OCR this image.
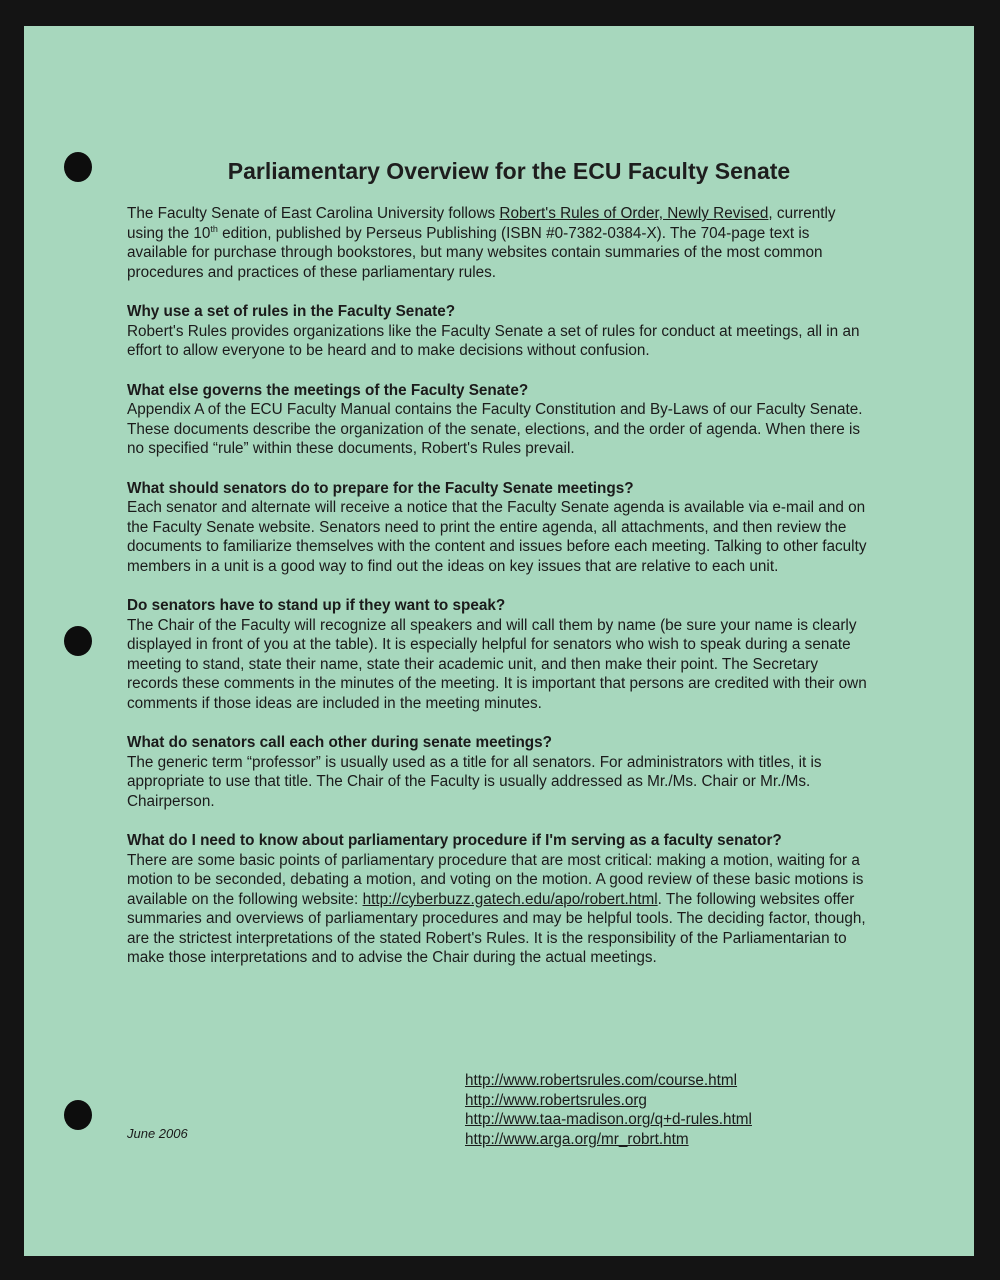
Parliamentary Overview for the ECU Faculty Senate

The Faculty Senate of East Carolina University follows Robert's Rules of Order, Newly Revised, currently using the 10th edition, published by Perseus Publishing (ISBN #0-7382-0384-X). The 704-page text is available for purchase through bookstores, but many websites contain summaries of the most common procedures and practices of these parliamentary rules.

Why use a set of rules in the Faculty Senate?
Robert's Rules provides organizations like the Faculty Senate a set of rules for conduct at meetings, all in an effort to allow everyone to be heard and to make decisions without confusion.

What else governs the meetings of the Faculty Senate?
Appendix A of the ECU Faculty Manual contains the Faculty Constitution and By-Laws of our Faculty Senate. These documents describe the organization of the senate, elections, and the order of agenda. When there is no specified “rule” within these documents, Robert's Rules prevail.

What should senators do to prepare for the Faculty Senate meetings?
Each senator and alternate will receive a notice that the Faculty Senate agenda is available via e-mail and on the Faculty Senate website. Senators need to print the entire agenda, all attachments, and then review the documents to familiarize themselves with the content and issues before each meeting. Talking to other faculty members in a unit is a good way to find out the ideas on key issues that are relative to each unit.

Do senators have to stand up if they want to speak?
The Chair of the Faculty will recognize all speakers and will call them by name (be sure your name is clearly displayed in front of you at the table). It is especially helpful for senators who wish to speak during a senate meeting to stand, state their name, state their academic unit, and then make their point. The Secretary records these comments in the minutes of the meeting. It is important that persons are credited with their own comments if those ideas are included in the meeting minutes.

What do senators call each other during senate meetings?
The generic term “professor” is usually used as a title for all senators. For administrators with titles, it is appropriate to use that title. The Chair of the Faculty is usually addressed as Mr./Ms. Chair or Mr./Ms. Chairperson.

What do I need to know about parliamentary procedure if I'm serving as a faculty senator?
There are some basic points of parliamentary procedure that are most critical: making a motion, waiting for a motion to be seconded, debating a motion, and voting on the motion. A good review of these basic motions is available on the following website: http://cyberbuzz.gatech.edu/apo/robert.html. The following websites offer summaries and overviews of parliamentary procedures and may be helpful tools. The deciding factor, though, are the strictest interpretations of the stated Robert's Rules. It is the responsibility of the Parliamentarian to make those interpretations and to advise the Chair during the actual meetings.

http://www.robertsrules.com/course.html
http://www.robertsrules.org
http://www.taa-madison.org/q+d-rules.html
http://www.arga.org/mr_robrt.htm
June 2006
